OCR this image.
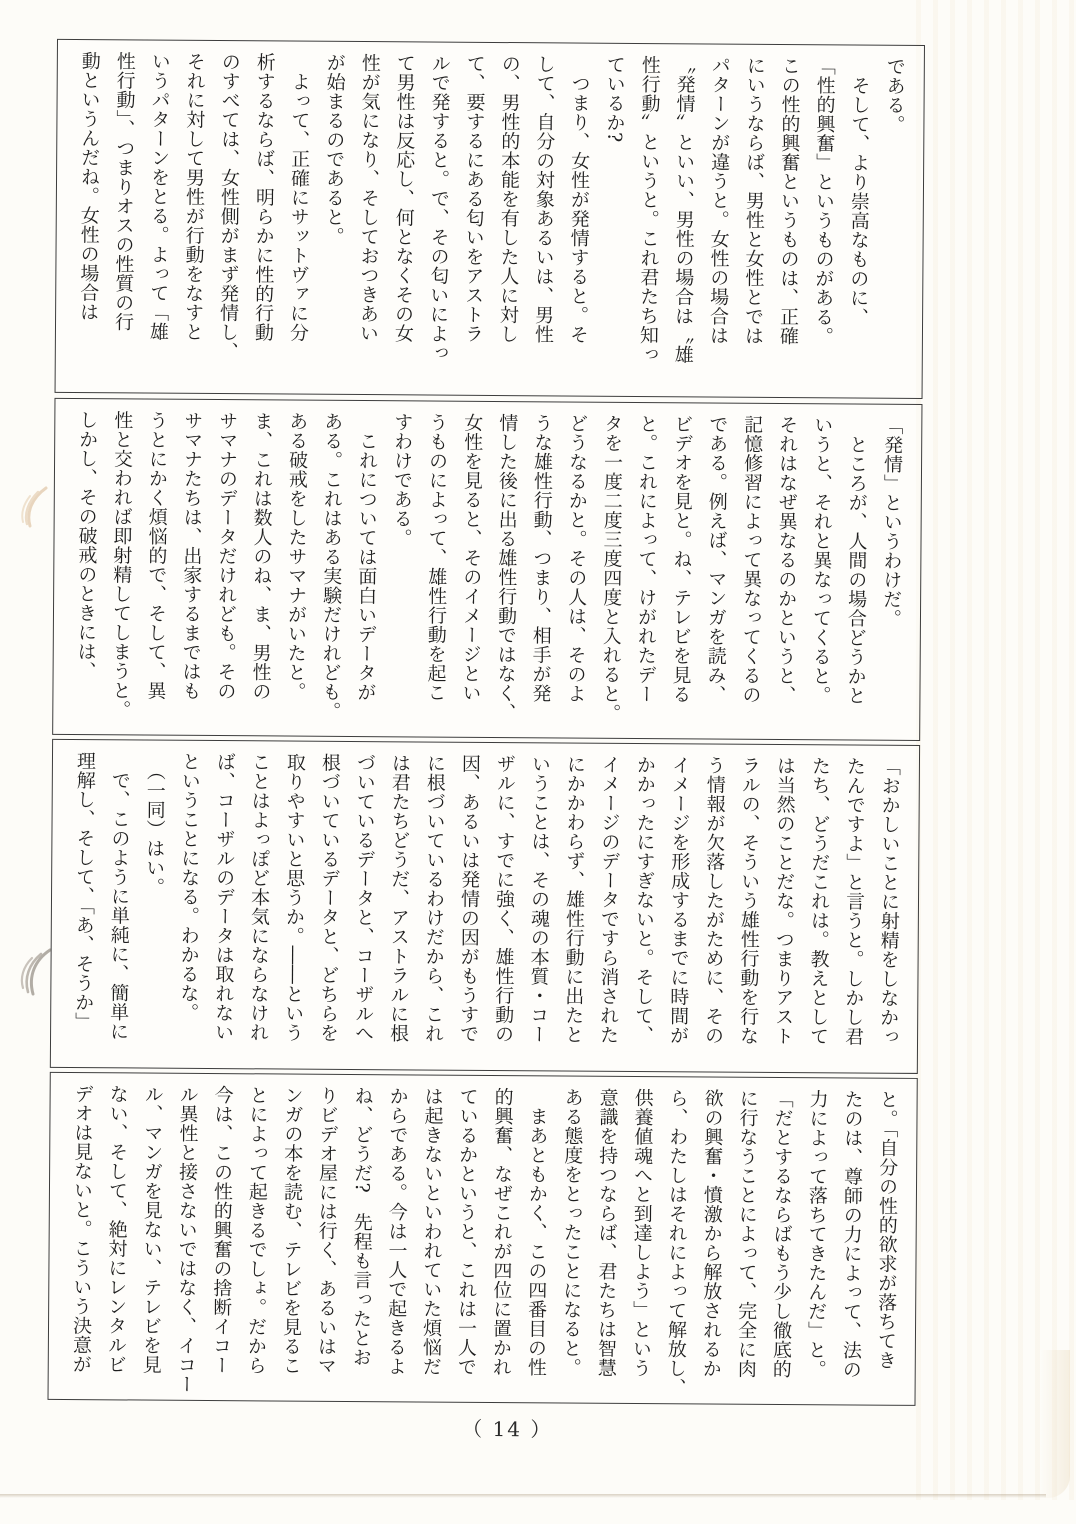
である。
　そして、より崇高なものに、
「性的興奮」というものがある。
この性的興奮というものは、正確
にいうならば、男性と女性とでは
パターンが違うと。女性の場合は
〝発情〟といい、男性の場合は〝雄
性行動〟というと。これ君たち知っ
ているか?
　つまり、女性が発情すると。そ
して、自分の対象あるいは、男性
の、男性的本能を有した人に対し
て、要するにある匂いをアストラ
ルで発すると。で、その匂いによっ
て男性は反応し、何となくその女
性が気になり、そしておつきあい
が始まるのであると。
　よって、正確にサットヴァに分
析するならば、明らかに性的行動
のすべては、女性側がまず発情し、
それに対して男性が行動をなすと
いうパターンをとる。よって「雄
性行動」、つまりオスの性質の行
動というんだね。女性の場合は
「発情」というわけだ。
　ところが、人間の場合どうかと
いうと、それと異なってくると。
それはなぜ異なるのかというと、
記憶修習によって異なってくるの
である。例えば、マンガを読み、
ビデオを見と。ね、テレビを見る
と。これによって、けがれたデー
タを一度二度三度四度と入れると。
どうなるかと。その人は、そのよ
うな雄性行動、つまり、相手が発
情した後に出る雄性行動ではなく、
女性を見ると、そのイメージとい
うものによって、雄性行動を起こ
すわけである。
　これについては面白いデータが
ある。これはある実験だけれども。
ある破戒をしたサマナがいたと。
ま、これは数人のね、ま、男性の
サマナのデータだけれども。その
サマナたちは、出家するまではも
うとにかく煩悩的で、そして、異
性と交われば即射精してしまうと。
しかし、その破戒のときには、
「おかしいことに射精をしなかっ
たんですよ」と言うと。しかし君
たち、どうだこれは。教えとして
は当然のことだな。つまりアスト
ラルの、そういう雄性行動を行な
う情報が欠落したがために、その
イメージを形成するまでに時間が
かかったにすぎないと。そして、
イメージのデータですら消された
にかかわらず、雄性行動に出たと
いうことは、その魂の本質・コー
ザルに、すでに強く、雄性行動の
因、あるいは発情の因がもうすで
に根づいているわけだから、これ
は君たちどうだ、アストラルに根
づいているデータと、コーザルへ
根づいているデータと、どちらを
取りやすいと思うか。――という
ことはよっぽど本気にならなけれ
ば、コーザルのデータは取れない
ということになる。わかるな。
　（一同）はい。
　で、このように単純に、簡単に
理解し、そして、「あ、そうか」
と。「自分の性的欲求が落ちてき
たのは、尊師の力によって、法の
力によって落ちてきたんだ」と。
「だとするならばもう少し徹底的
に行なうことによって、完全に肉
欲の興奮・憤激から解放されるか
ら、わたしはそれによって解放し、
供養値魂へと到達しよう」という
意識を持つならば、君たちは智慧
ある態度をとったことになると。
　まあともかく、この四番目の性
的興奮、なぜこれが四位に置かれ
ているかというと、これは一人で
は起きないといわれていた煩悩だ
からである。今は一人で起きるよ
ね、どうだ?　先程も言ったとお
りビデオ屋には行く、あるいはマ
ンガの本を読む、テレビを見るこ
とによって起きるでしょ。だから
今は、この性的興奮の捨断イコー
ル異性と接さないではなく、イコー
ル、マンガを見ない、テレビを見
ない、そして、絶対にレンタルビ
デオは見ないと。こういう決意が
（ 14 ）
